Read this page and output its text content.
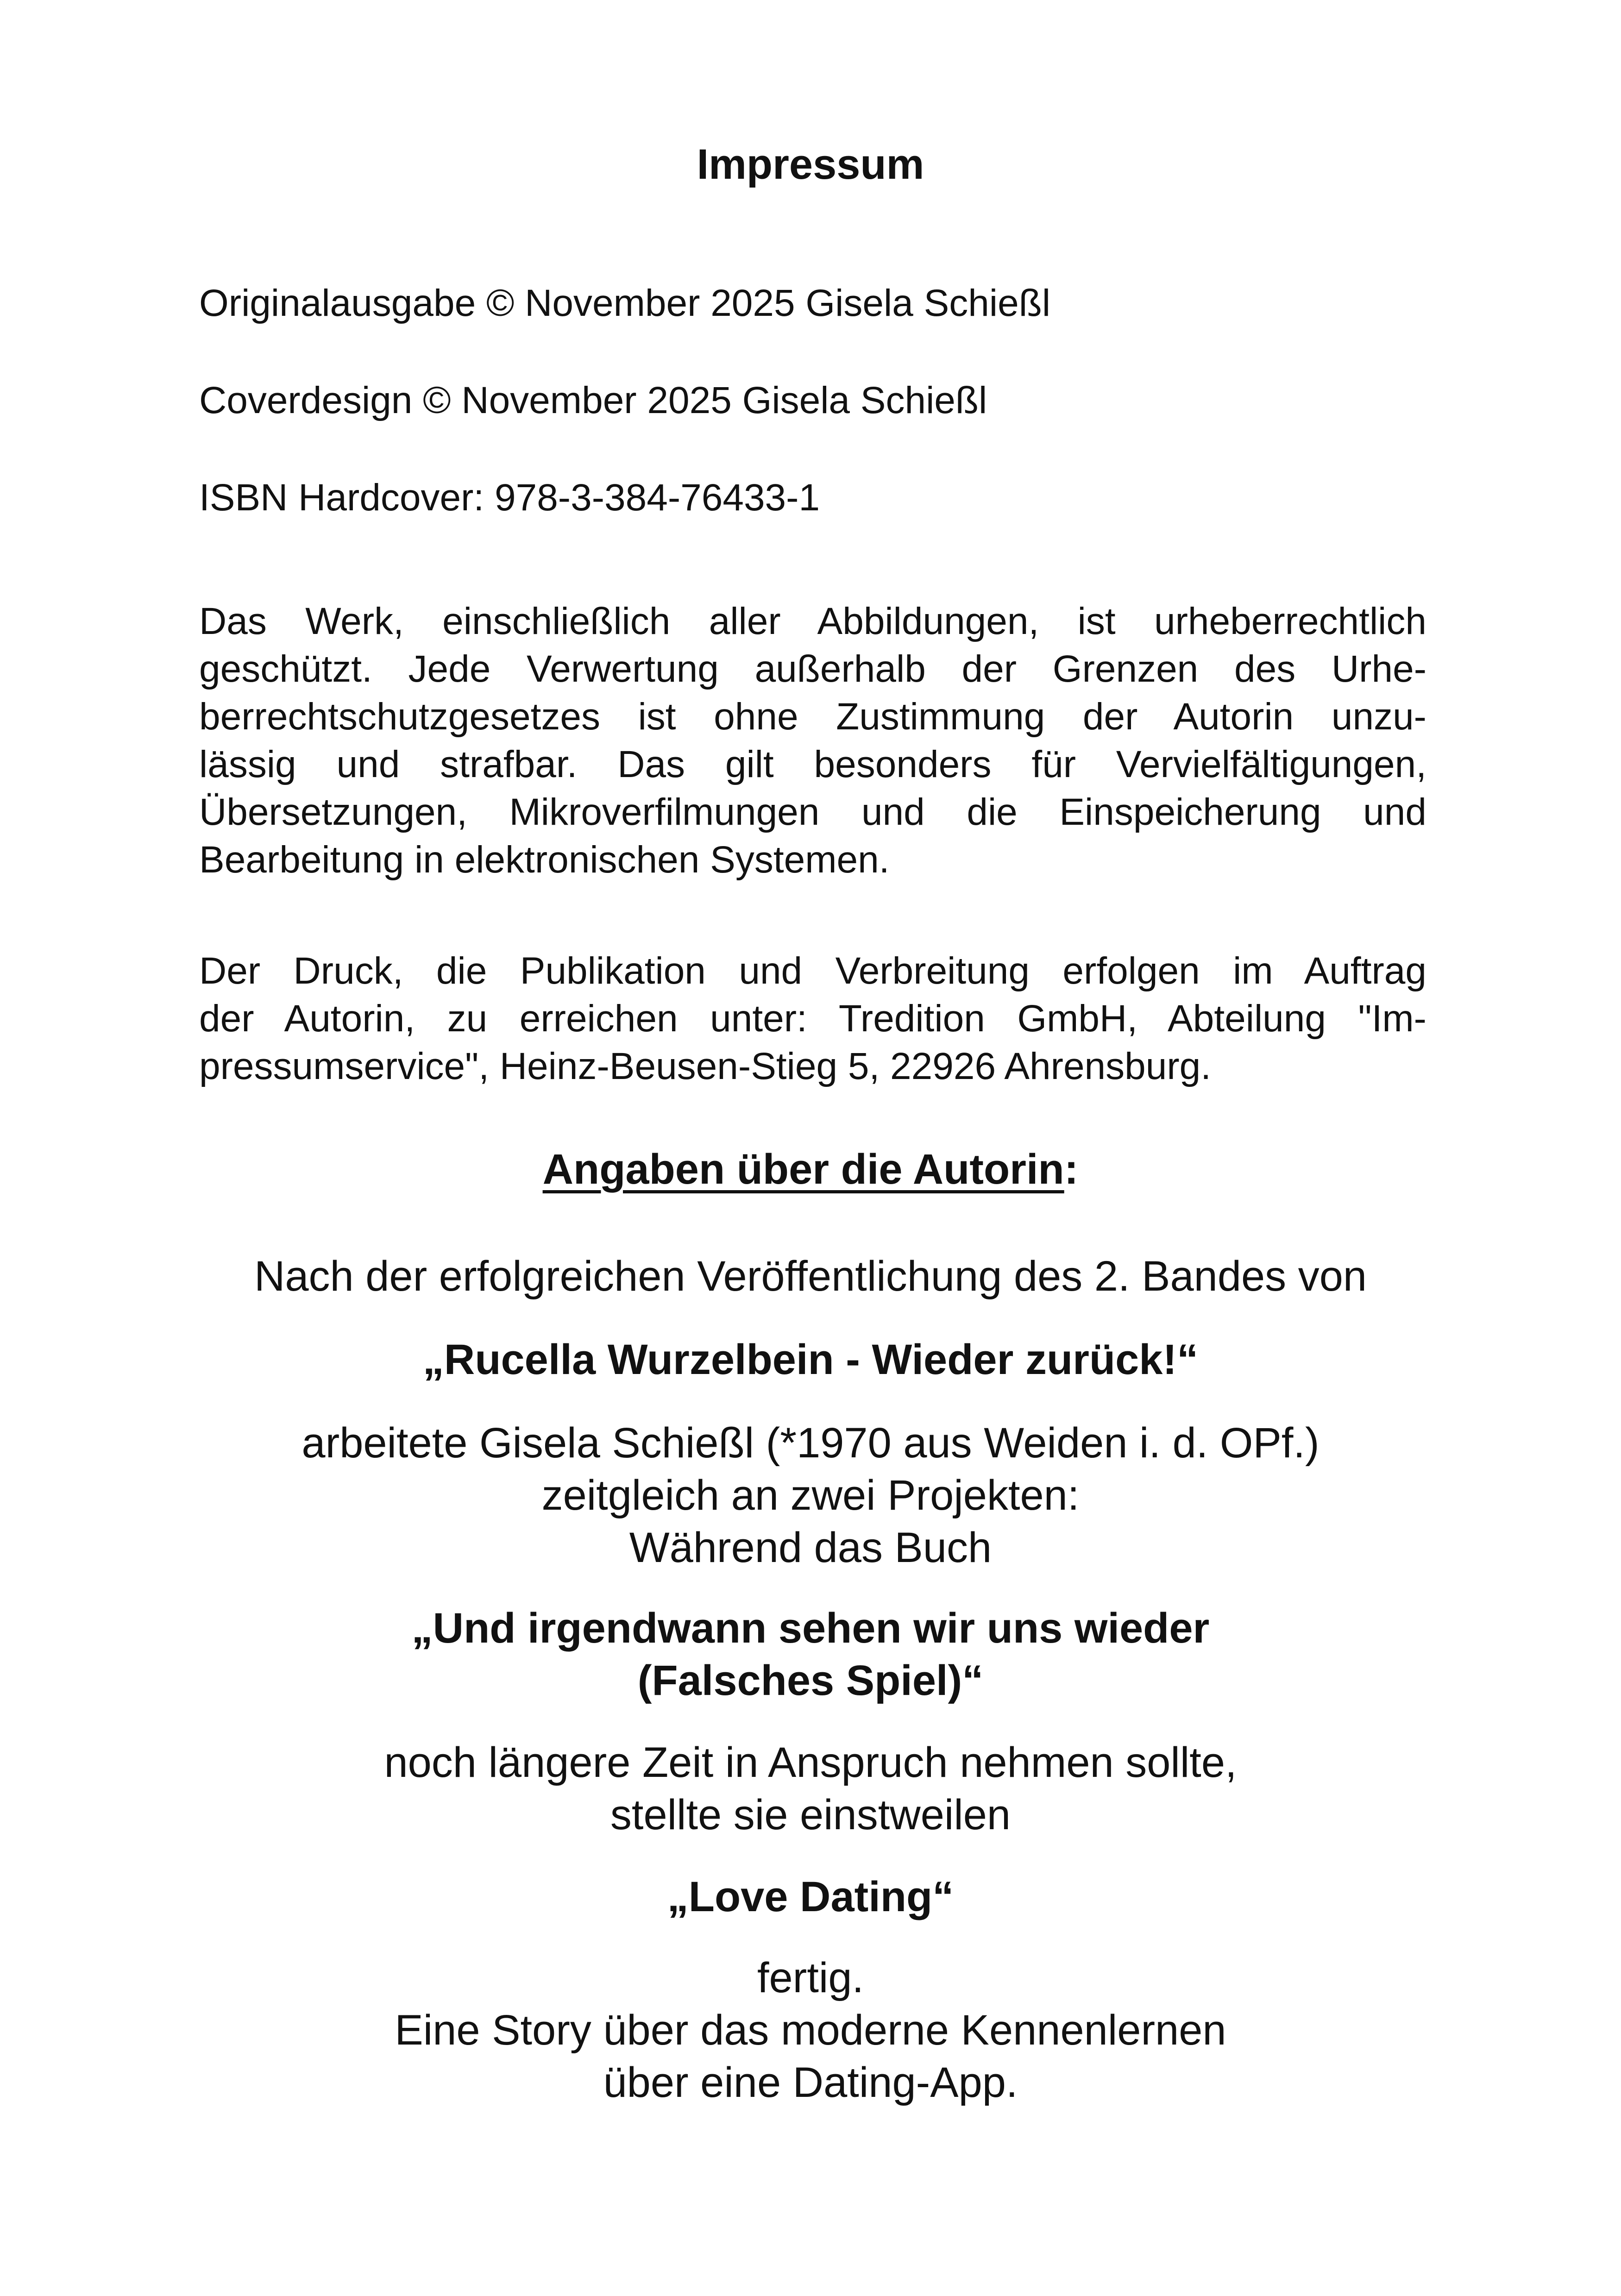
Impressum
Originalausgabe © November 2025 Gisela Schießl
Coverdesign © November 2025 Gisela Schießl
ISBN Hardcover: 978-3-384-76433-1
Das Werk, einschließlich aller Abbildungen, ist urheberrechtlich
geschützt. Jede Verwertung außerhalb der Grenzen des Urhe-
berrechtschutzgesetzes ist ohne Zustimmung der Autorin unzu-
lässig und strafbar. Das gilt besonders für Vervielfältigungen,
Übersetzungen, Mikroverfilmungen und die Einspeicherung und
Bearbeitung in elektronischen Systemen.
Der Druck, die Publikation und Verbreitung erfolgen im Auftrag
der Autorin, zu erreichen unter: Tredition GmbH, Abteilung "Im-
pressumservice", Heinz-Beusen-Stieg 5, 22926 Ahrensburg.
Angaben über die Autorin:
Nach der erfolgreichen Veröffentlichung des 2. Bandes von
„Rucella Wurzelbein - Wieder zurück!“
arbeitete Gisela Schießl (*1970 aus Weiden i. d. OPf.)
zeitgleich an zwei Projekten:
Während das Buch
„Und irgendwann sehen wir uns wieder
(Falsches Spiel)“
noch längere Zeit in Anspruch nehmen sollte,
stellte sie einstweilen
„Love Dating“
fertig.
Eine Story über das moderne Kennenlernen
über eine Dating-App.
